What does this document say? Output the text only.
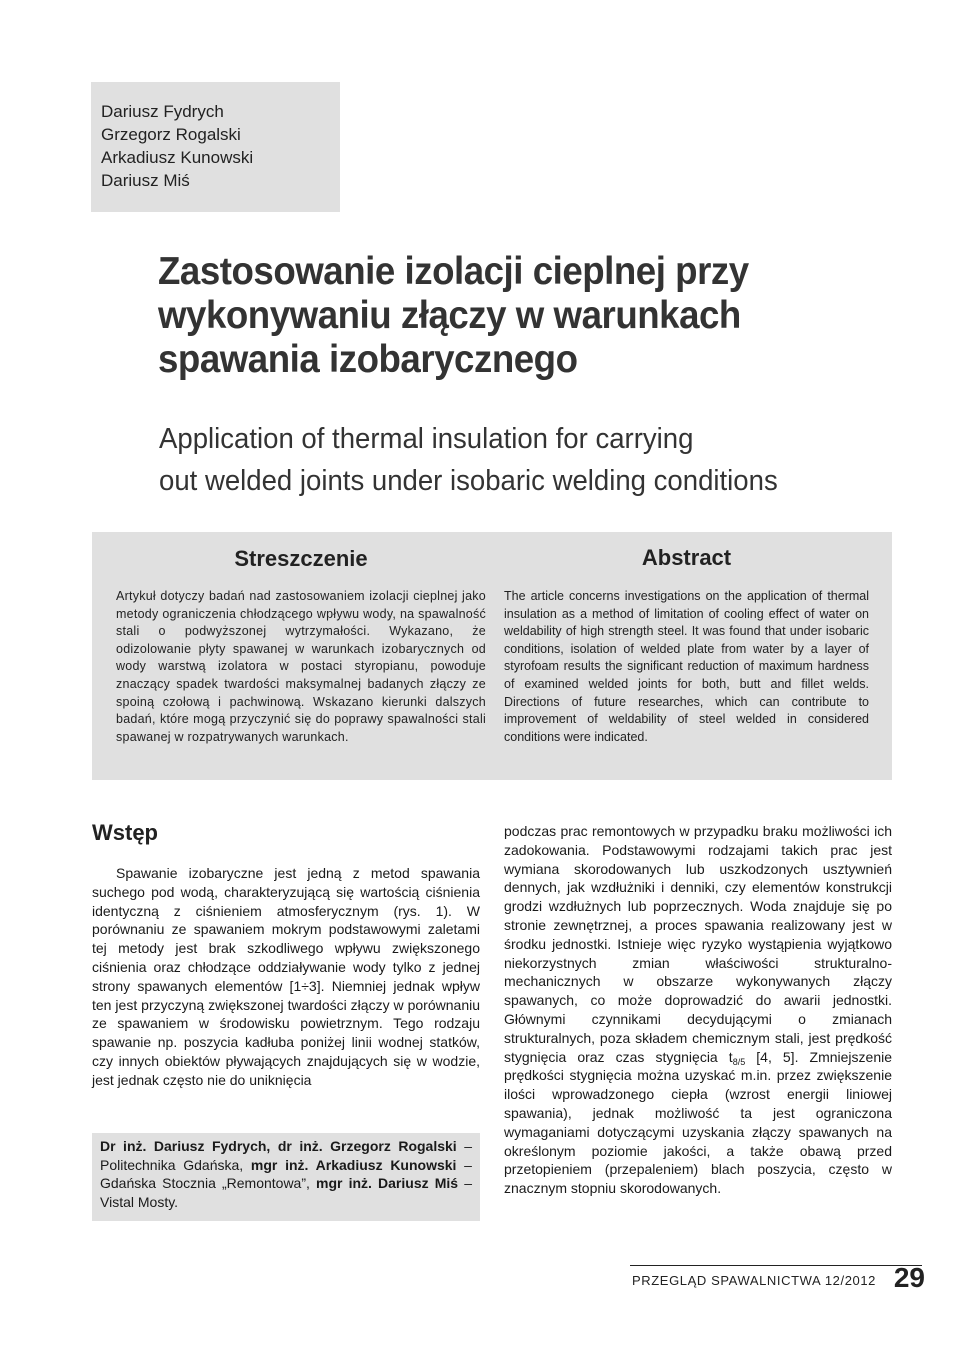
Dariusz Fydrych
Grzegorz Rogalski
Arkadiusz Kunowski
Dariusz Miś
Zastosowanie izolacji cieplnej przy
wykonywaniu złączy w warunkach
spawania izobarycznego
Application of thermal insulation for carrying
out welded joints under isobaric welding conditions
Streszczenie

Artykuł dotyczy badań nad zastosowaniem izolacji cieplnej jako metody ograniczenia chłodzącego wpływu wody, na spawalność stali o podwyższonej wytrzymałości. Wykazano, że odizolowanie płyty spawanej w warunkach izobarycznych od wody warstwą izolatora w postaci styropianu, powoduje znaczący spadek twardości maksymalnej badanych złączy ze spoiną czołową i pachwinową. Wskazano kierunki dalszych badań, które mogą przyczynić się do poprawy spawalności stali spawanej w rozpatrywanych warunkach.

Abstract

The article concerns investigations on the application of thermal insulation as a method of limitation of cooling effect of water on weldability of high strength steel. It was found that under isobaric conditions, isolation of welded plate from water by a layer of styrofoam results the significant reduction of maximum hardness of examined welded joints for both, butt and fillet welds. Directions of future researches, which can contribute to improvement of weldability of steel welded in considered conditions were indicated.

Wstęp

Spawanie izobaryczne jest jedną z metod spawania suchego pod wodą, charakteryzującą się wartością ciśnienia identyczną z ciśnieniem atmosferycznym (rys. 1). W porównaniu ze spawaniem mokrym podstawowymi zaletami tej metody jest brak szkodliwego wpływu zwiększonego ciśnienia oraz chłodzące oddziaływanie wody tylko z jednej strony spawanych elementów [1÷3]. Niemniej jednak wpływ ten jest przyczyną zwiększonej twardości złączy w porównaniu ze spawaniem w środowisku powietrznym. Tego rodzaju spawanie np. poszycia kadłuba poniżej linii wodnej statków, czy innych obiektów pływających znajdujących się w wodzie, jest jednak często nie do uniknięcia

Dr inż. Dariusz Fydrych, dr inż. Grzegorz Rogalski – Politechnika Gdańska, mgr inż. Arkadiusz Kunowski – Gdańska Stocznia „Remontowa”, mgr inż. Dariusz Miś – Vistal Mosty.

podczas prac remontowych w przypadku braku możliwości ich zadokowania. Podstawowymi rodzajami takich prac jest wymiana skorodowanych lub uszkodzonych usztywnień dennych, jak wzdłużniki i denniki, czy elementów konstrukcji grodzi wzdłużnych lub poprzecznych. Woda znajduje się po stronie zewnętrznej, a proces spawania realizowany jest w środku jednostki. Istnieje więc ryzyko wystąpienia wyjątkowo niekorzystnych zmian właściwości strukturalno-mechanicznych w obszarze wykonywanych złączy spawanych, co może doprowadzić do awarii jednostki. Głównymi czynnikami decydującymi o zmianach strukturalnych, poza składem chemicznym stali, jest prędkość stygnięcia oraz czas stygnięcia $t_{8/5}$ [4, 5]. Zmniejszenie prędkości stygnięcia można uzyskać m.in. przez zwiększenie ilości wprowadzonego ciepła (wzrost energii liniowej spawania), jednak możliwość ta jest ograniczona wymaganiami dotyczącymi uzyskania złączy spawanych na określonym poziomie jakości, a także obawą przed przetopieniem (przepaleniem) blach poszycia, często w znacznym stopniu skorodowanych.

PRZEGLĄD SPAWALNICTWA 12/2012 29
